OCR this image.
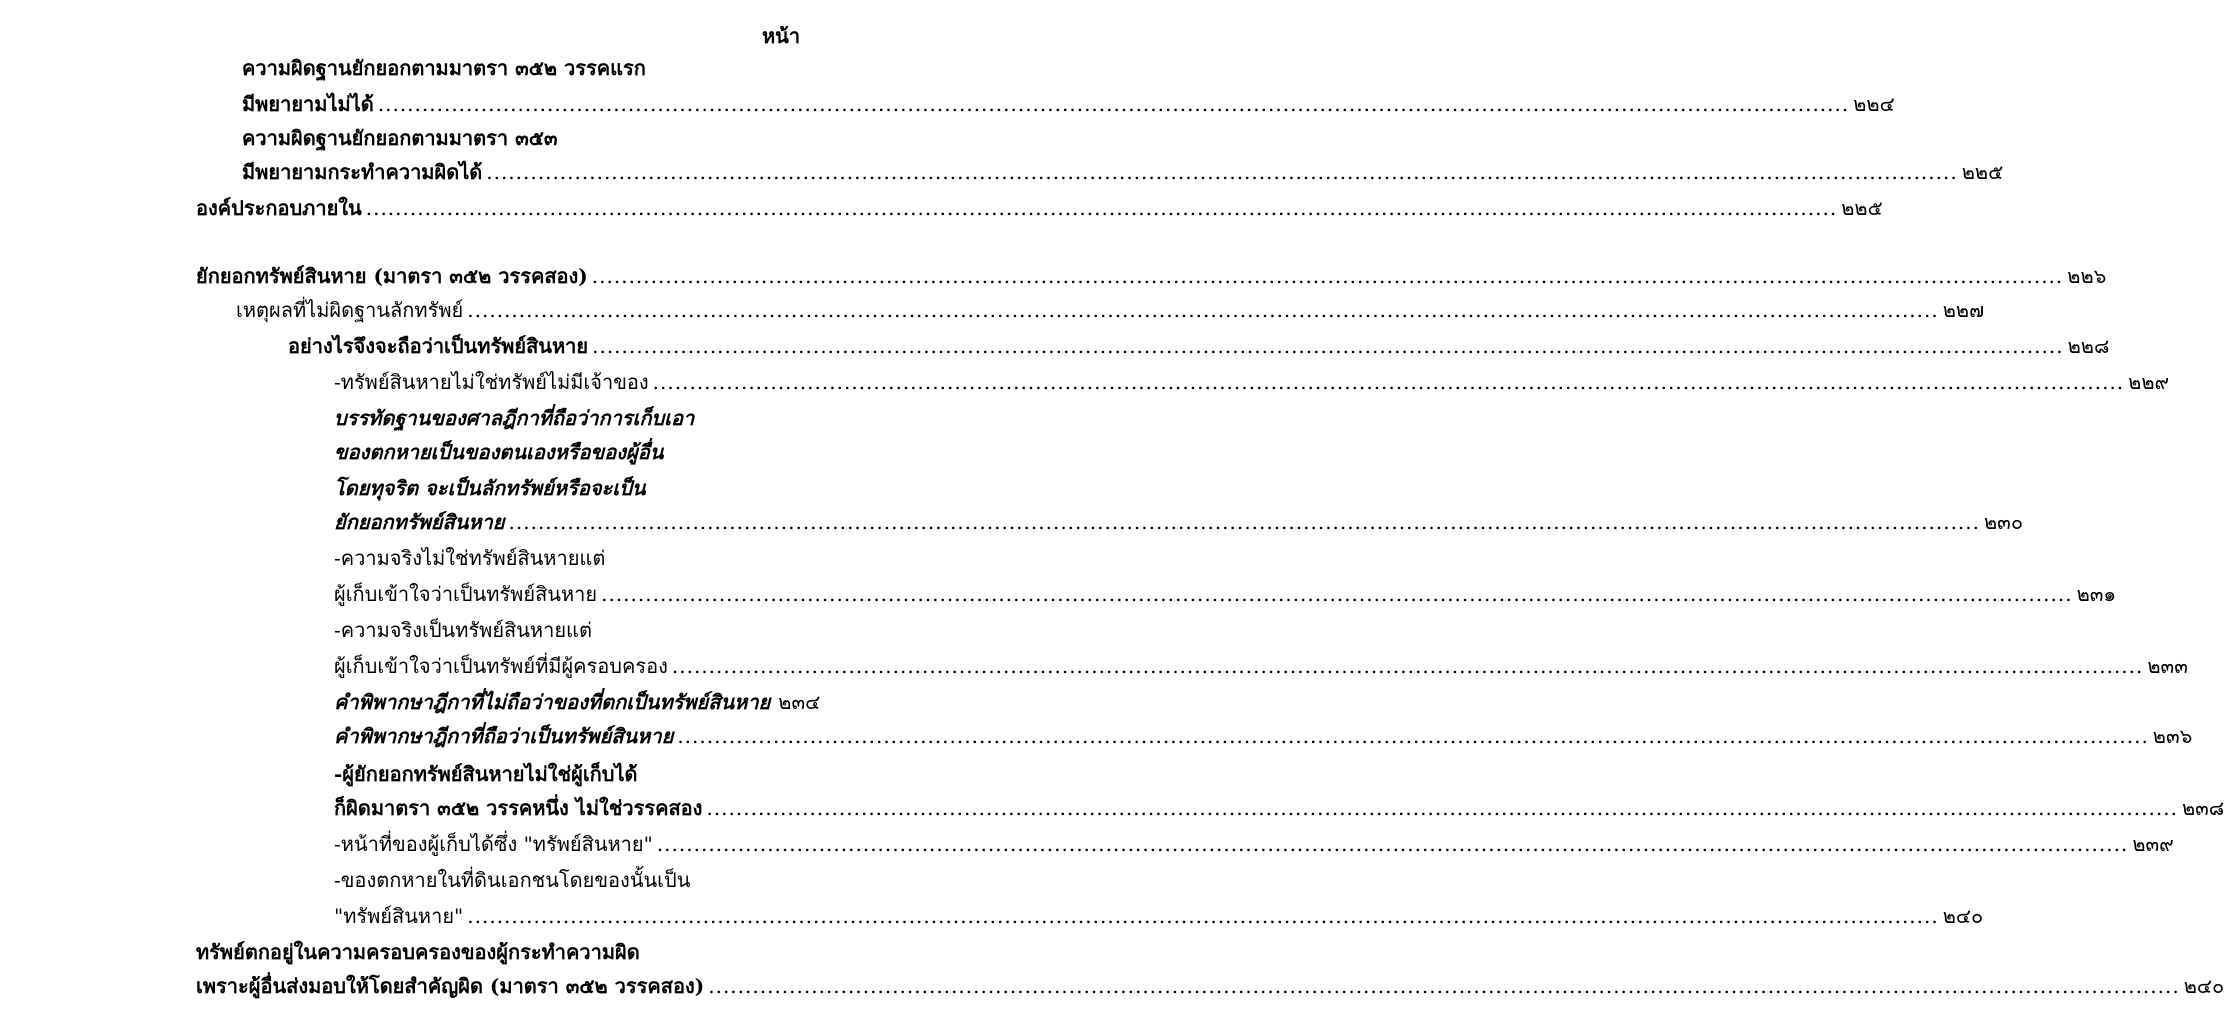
หน้า
ความผิดฐานยักยอกตามมาตรา ๓๕๒ วรรคแรก
มีพยายามไม่ได้ ........................................................................................................................................................................................................ ๒๒๔
ความผิดฐานยักยอกตามมาตรา ๓๕๓
มีพยายามกระทำความผิดได้ ........................................................................................................................................................................................................ ๒๒๕
องค์ประกอบภายใน ........................................................................................................................................................................................................ ๒๒๕
ยักยอกทรัพย์สินหาย (มาตรา ๓๕๒ วรรคสอง) ........................................................................................................................................................................................................ ๒๒๖
เหตุผลที่ไม่ผิดฐานลักทรัพย์ ........................................................................................................................................................................................................ ๒๒๗
อย่างไรจึงจะถือว่าเป็นทรัพย์สินหาย ........................................................................................................................................................................................................ ๒๒๘
-ทรัพย์สินหายไม่ใช่ทรัพย์ไม่มีเจ้าของ ........................................................................................................................................................................................................ ๒๒๙
บรรทัดฐานของศาลฎีกาที่ถือว่าการเก็บเอา
ของตกหายเป็นของตนเองหรือของผู้อื่น
โดยทุจริต จะเป็นลักทรัพย์หรือจะเป็น
ยักยอกทรัพย์สินหาย ........................................................................................................................................................................................................ ๒๓๐
-ความจริงไม่ใช่ทรัพย์สินหายแต่
ผู้เก็บเข้าใจว่าเป็นทรัพย์สินหาย ........................................................................................................................................................................................................ ๒๓๑
-ความจริงเป็นทรัพย์สินหายแต่
ผู้เก็บเข้าใจว่าเป็นทรัพย์ที่มีผู้ครอบครอง ........................................................................................................................................................................................................ ๒๓๓
คำพิพากษาฎีกาที่ไม่ถือว่าของที่ตกเป็นทรัพย์สินหาย ๒๓๔
คำพิพากษาฎีกาที่ถือว่าเป็นทรัพย์สินหาย ........................................................................................................................................................................................................ ๒๓๖
-ผู้ยักยอกทรัพย์สินหายไม่ใช่ผู้เก็บได้
ก็ผิดมาตรา ๓๕๒ วรรคหนึ่ง ไม่ใช่วรรคสอง ........................................................................................................................................................................................................ ๒๓๘
-หน้าที่ของผู้เก็บได้ซึ่ง "ทรัพย์สินหาย" ........................................................................................................................................................................................................ ๒๓๙
-ของตกหายในที่ดินเอกชนโดยของนั้นเป็น
"ทรัพย์สินหาย" ........................................................................................................................................................................................................ ๒๔๐
ทรัพย์ตกอยู่ในความครอบครองของผู้กระทำความผิด
เพราะผู้อื่นส่งมอบให้โดยสำคัญผิด (มาตรา ๓๕๒ วรรคสอง) ........................................................................................................................................................................................................ ๒๔๐
